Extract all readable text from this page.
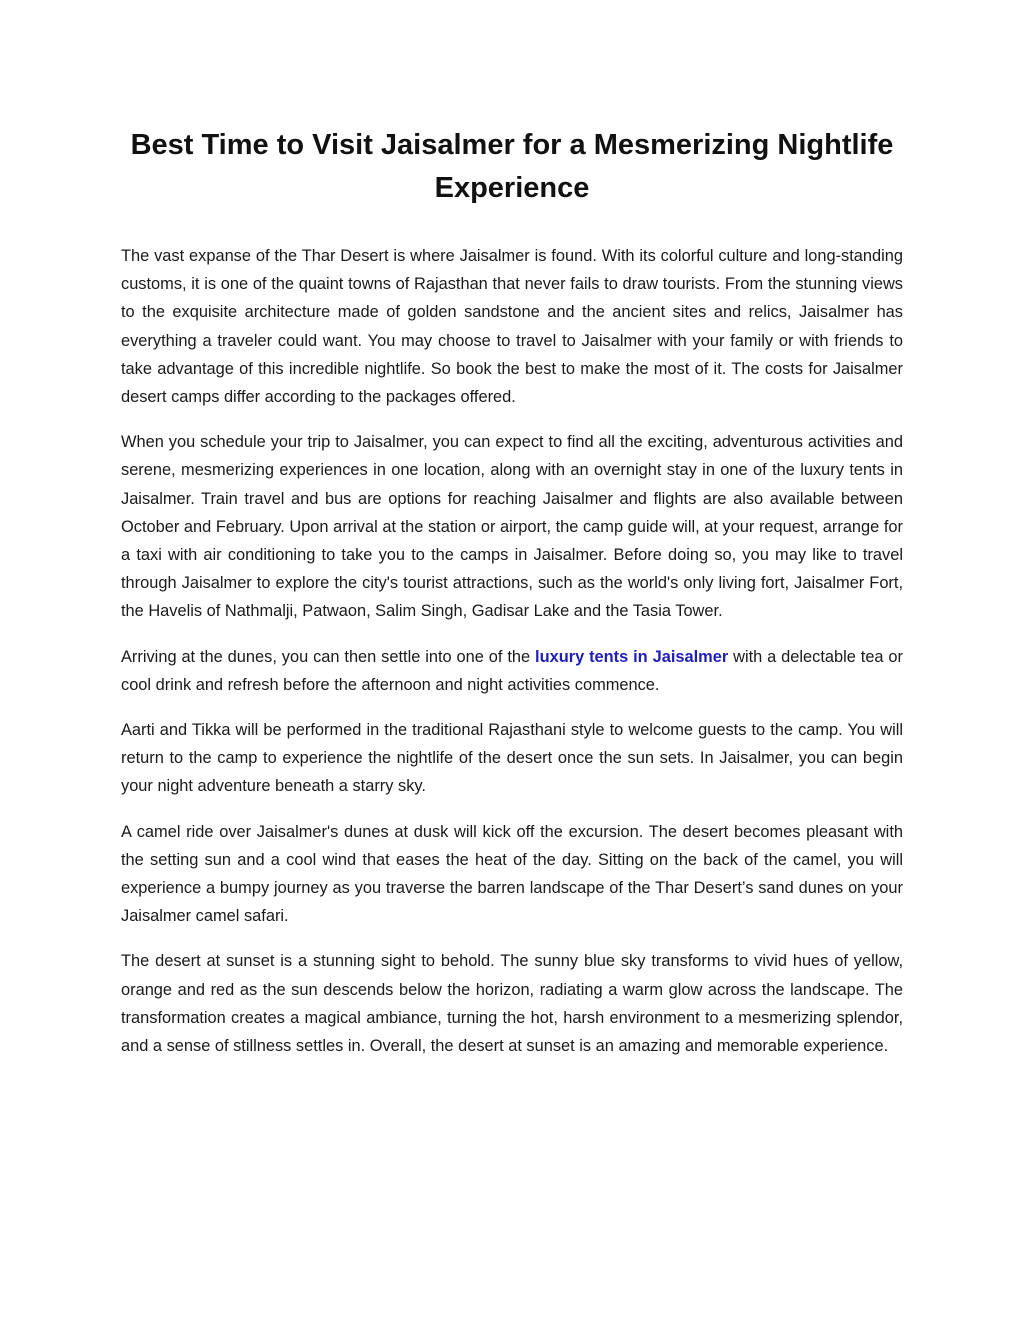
Best Time to Visit Jaisalmer for a Mesmerizing Nightlife Experience

The vast expanse of the Thar Desert is where Jaisalmer is found. With its colorful culture and long-standing customs, it is one of the quaint towns of Rajasthan that never fails to draw tourists. From the stunning views to the exquisite architecture made of golden sandstone and the ancient sites and relics, Jaisalmer has everything a traveler could want. You may choose to travel to Jaisalmer with your family or with friends to take advantage of this incredible nightlife. So book the best to make the most of it. The costs for Jaisalmer desert camps differ according to the packages offered.

When you schedule your trip to Jaisalmer, you can expect to find all the exciting, adventurous activities and serene, mesmerizing experiences in one location, along with an overnight stay in one of the luxury tents in Jaisalmer. Train travel and bus are options for reaching Jaisalmer and flights are also available between October and February. Upon arrival at the station or airport, the camp guide will, at your request, arrange for a taxi with air conditioning to take you to the camps in Jaisalmer. Before doing so, you may like to travel through Jaisalmer to explore the city's tourist attractions, such as the world's only living fort, Jaisalmer Fort, the Havelis of Nathmalji, Patwaon, Salim Singh, Gadisar Lake and the Tasia Tower.

Arriving at the dunes, you can then settle into one of the luxury tents in Jaisalmer with a delectable tea or cool drink and refresh before the afternoon and night activities commence.

Aarti and Tikka will be performed in the traditional Rajasthani style to welcome guests to the camp. You will return to the camp to experience the nightlife of the desert once the sun sets. In Jaisalmer, you can begin your night adventure beneath a starry sky.

A camel ride over Jaisalmer's dunes at dusk will kick off the excursion. The desert becomes pleasant with the setting sun and a cool wind that eases the heat of the day. Sitting on the back of the camel, you will experience a bumpy journey as you traverse the barren landscape of the Thar Desert’s sand dunes on your Jaisalmer camel safari.

The desert at sunset is a stunning sight to behold. The sunny blue sky transforms to vivid hues of yellow, orange and red as the sun descends below the horizon, radiating a warm glow across the landscape. The transformation creates a magical ambiance, turning the hot, harsh environment to a mesmerizing splendor, and a sense of stillness settles in. Overall, the desert at sunset is an amazing and memorable experience.
